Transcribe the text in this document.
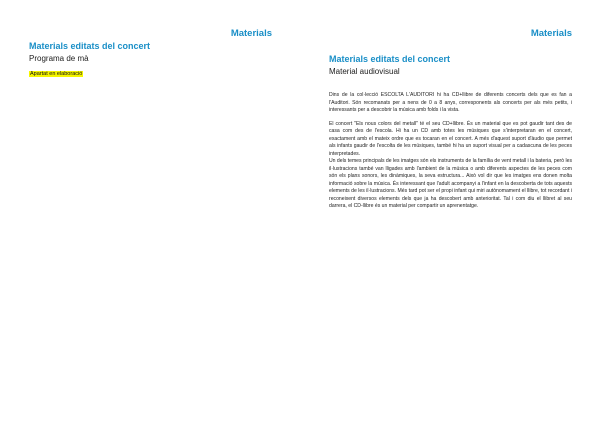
Materials
Materials editats del concert
Programa de mà
Apartat en elaboració
Materials
Materials editats del concert
Material audiovisual

Dins de la col·lecció ESCOLTA L'AUDITORI hi ha CD+llibre de diferents concerts dels que es fan a l'Auditori. Són recomanats per a nens de 0 a 8 anys, corresponents als concerts per als més petits, i interessants per a descobrir la música amb folds i la vista.

El concert "Els nous colors del metall" té el seu CD+llibre. És un material que es pot gaudir tant des de casa com des de l'escola. Hi ha un CD amb totes les músiques que s'interpretaran en el concert, exactament amb el mateix ordre que es tocaran en el concert. A més d'aquest suport d'àudio que permet als infants gaudir de l'escolta de les músiques, també hi ha un suport visual per a cadascuna de les peces interpretades.

Un dels temes principals de les imatges són els instruments de la família de vent metall i la bateria, però les il·lustracions també van lligades amb l'ambient de la música o amb diferents aspectes de les peces com són els plans sonors, les dinàmiques, la seva estructura... Això vol dir que les imatges ens donen molta informació sobre la música. És interessant que l'adult acompanyi a l'infant en la descoberta de tots aquests elements de les il·lustracions. Més tard pot ser el propi infant qui miri autònomament el llibre, tot recordant i reconeixent diversos elements dels que ja ha descobert amb anterioritat. Tal i com diu el llibret al seu darrera, el CD-llibre és un material per compartir un aprenentatge.
